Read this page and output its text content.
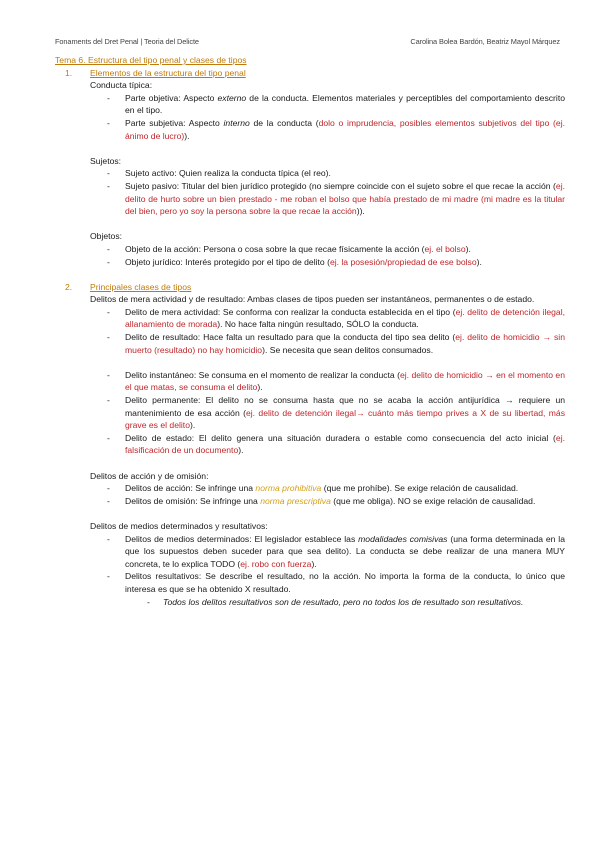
Fonaments del Dret Penal | Teoria del Delicte	Carolina Bolea Bardón, Beatriz Mayol Márquez
Tema 6. Estructura del tipo penal y clases de tipos
1. Elementos de la estructura del tipo penal
Conducta típica:
- Parte objetiva: Aspecto externo de la conducta. Elementos materiales y perceptibles del comportamiento descrito en el tipo.
- Parte subjetiva: Aspecto interno de la conducta (dolo o imprudencia, posibles elementos subjetivos del tipo (ej. ánimo de lucro)).
Sujetos:
- Sujeto activo: Quien realiza la conducta típica (el reo).
- Sujeto pasivo: Titular del bien jurídico protegido (no siempre coincide con el sujeto sobre el que recae la acción (ej. delito de hurto sobre un bien prestado - me roban el bolso que había prestado de mi madre (mi madre es la titular del bien, pero yo soy la persona sobre la que recae la acción)).
Objetos:
- Objeto de la acción: Persona o cosa sobre la que recae físicamente la acción (ej. el bolso).
- Objeto jurídico: Interés protegido por el tipo de delito (ej. la posesión/propiedad de ese bolso).
2. Principales clases de tipos
Delitos de mera actividad y de resultado: Ambas clases de tipos pueden ser instantáneos, permanentes o de estado.
- Delito de mera actividad: Se conforma con realizar la conducta establecida en el tipo (ej. delito de detención ilegal, allanamiento de morada). No hace falta ningún resultado, SÓLO la conducta.
- Delito de resultado: Hace falta un resultado para que la conducta del tipo sea delito (ej. delito de homicidio → sin muerto (resultado) no hay homicidio). Se necesita que sean delitos consumados.
- Delito instantáneo: Se consuma en el momento de realizar la conducta (ej. delito de homicidio → en el momento en el que matas, se consuma el delito).
- Delito permanente: El delito no se consuma hasta que no se acaba la acción antijurídica → requiere un mantenimiento de esa acción (ej. delito de detención ilegal→ cuánto más tiempo prives a X de su libertad, más grave es el delito).
- Delito de estado: El delito genera una situación duradera o estable como consecuencia del acto inicial (ej. falsificación de un documento).
Delitos de acción y de omisión:
- Delitos de acción: Se infringe una norma prohibitiva (que me prohíbe). Se exige relación de causalidad.
- Delitos de omisión: Se infringe una norma prescriptiva (que me obliga). NO se exige relación de causalidad.
Delitos de medios determinados y resultativos:
- Delitos de medios determinados: El legislador establece las modalidades comisivas (una forma determinada en la que los supuestos deben suceder para que sea delito). La conducta se debe realizar de una manera MUY concreta, te lo explica TODO (ej. robo con fuerza).
- Delitos resultativos: Se describe el resultado, no la acción. No importa la forma de la conducta, lo único que interesa es que se ha obtenido X resultado.
- Todos los delitos resultativos son de resultado, pero no todos los de resultado son resultativos.
